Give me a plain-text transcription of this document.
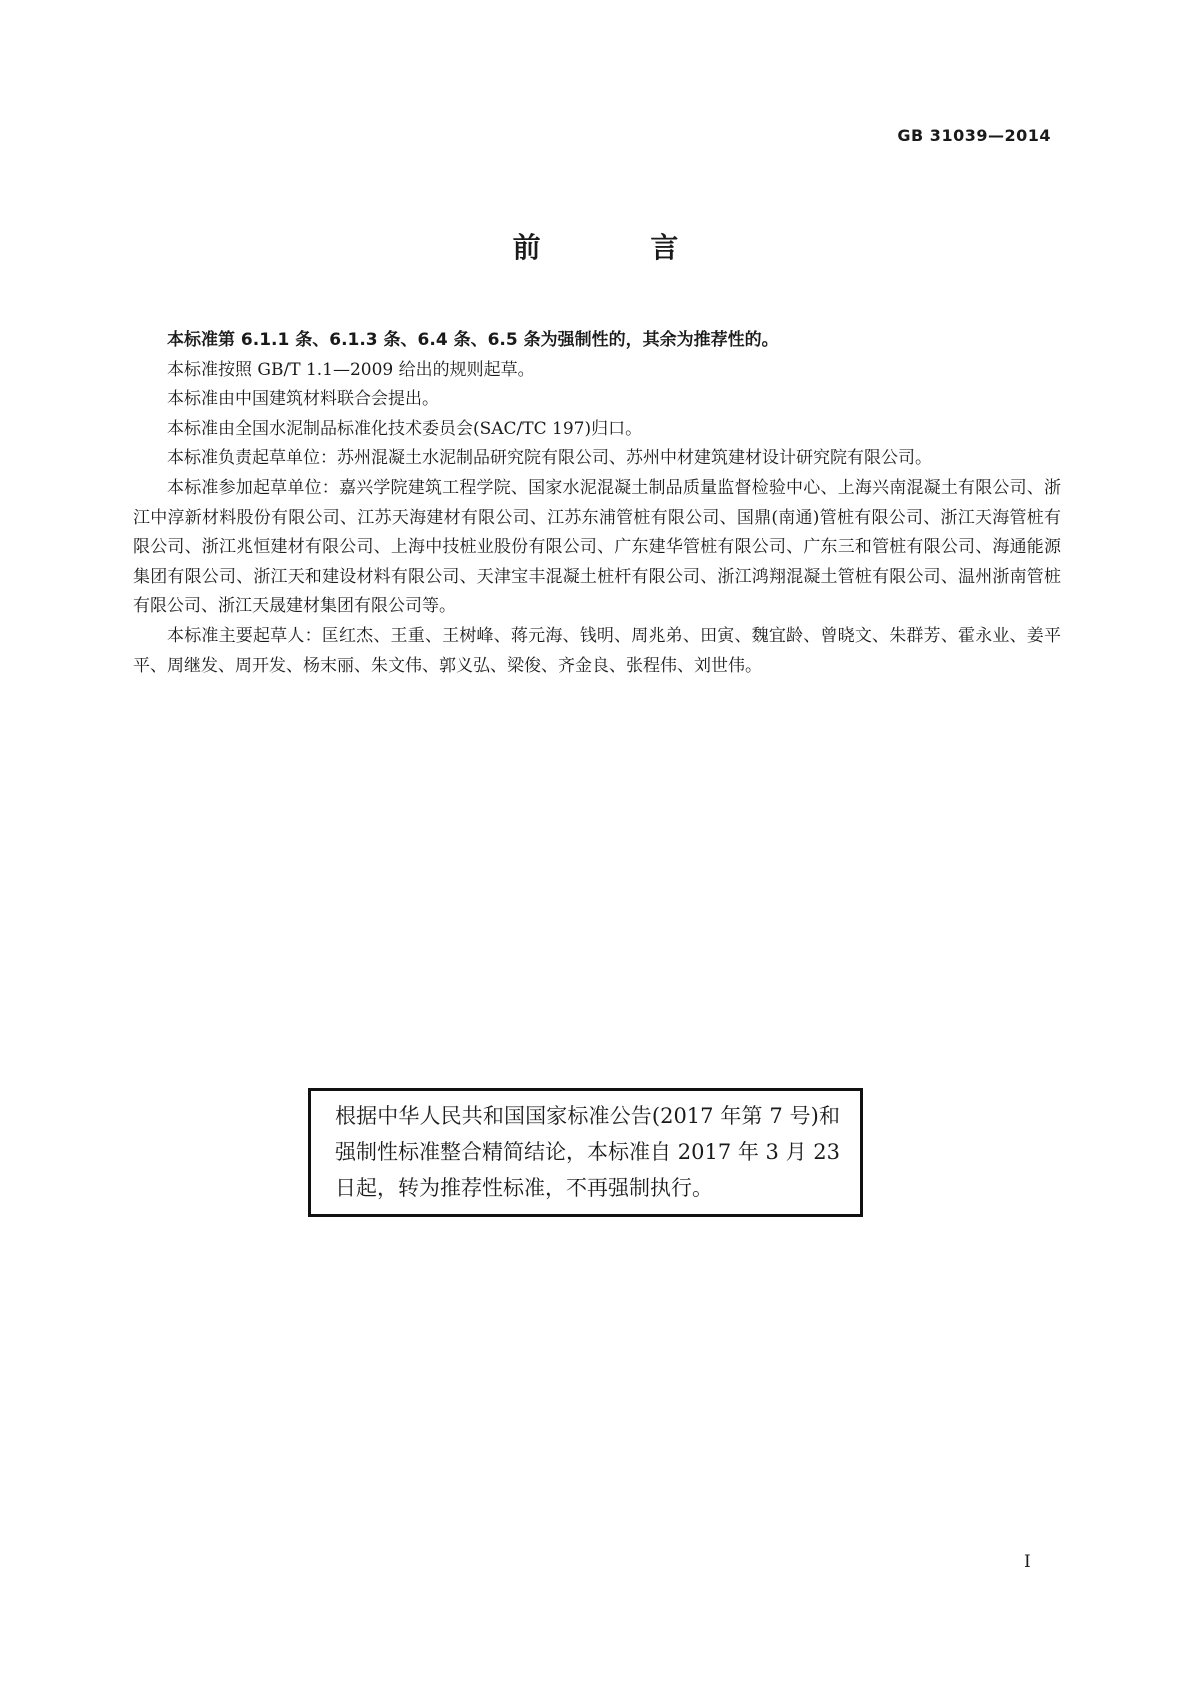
GB 31039—2014
前 言

本标准第 6.1.1 条、6.1.3 条、6.4 条、6.5 条为强制性的，其余为推荐性的。

本标准按照 GB/T 1.1—2009 给出的规则起草。

本标准由中国建筑材料联合会提出。

本标准由全国水泥制品标准化技术委员会(SAC/TC 197)归口。

本标准负责起草单位：苏州混凝土水泥制品研究院有限公司、苏州中材建筑建材设计研究院有限公司。

本标准参加起草单位：嘉兴学院建筑工程学院、国家水泥混凝土制品质量监督检验中心、上海兴南混凝土有限公司、浙江中淳新材料股份有限公司、江苏天海建材有限公司、江苏东浦管桩有限公司、国鼎(南通)管桩有限公司、浙江天海管桩有限公司、浙江兆恒建材有限公司、上海中技桩业股份有限公司、广东建华管桩有限公司、广东三和管桩有限公司、海通能源集团有限公司、浙江天和建设材料有限公司、天津宝丰混凝土桩杆有限公司、浙江鸿翔混凝土管桩有限公司、温州浙南管桩有限公司、浙江天晟建材集团有限公司等。

本标准主要起草人：匡红杰、王重、王树峰、蒋元海、钱明、周兆弟、田寅、魏宜龄、曾晓文、朱群芳、霍永业、姜平平、周继发、周开发、杨末丽、朱文伟、郭义弘、梁俊、齐金良、张程伟、刘世伟。

根据中华人民共和国国家标准公告(2017 年第 7 号)和强制性标准整合精简结论，本标准自 2017 年 3 月 23 日起，转为推荐性标准，不再强制执行。
I
